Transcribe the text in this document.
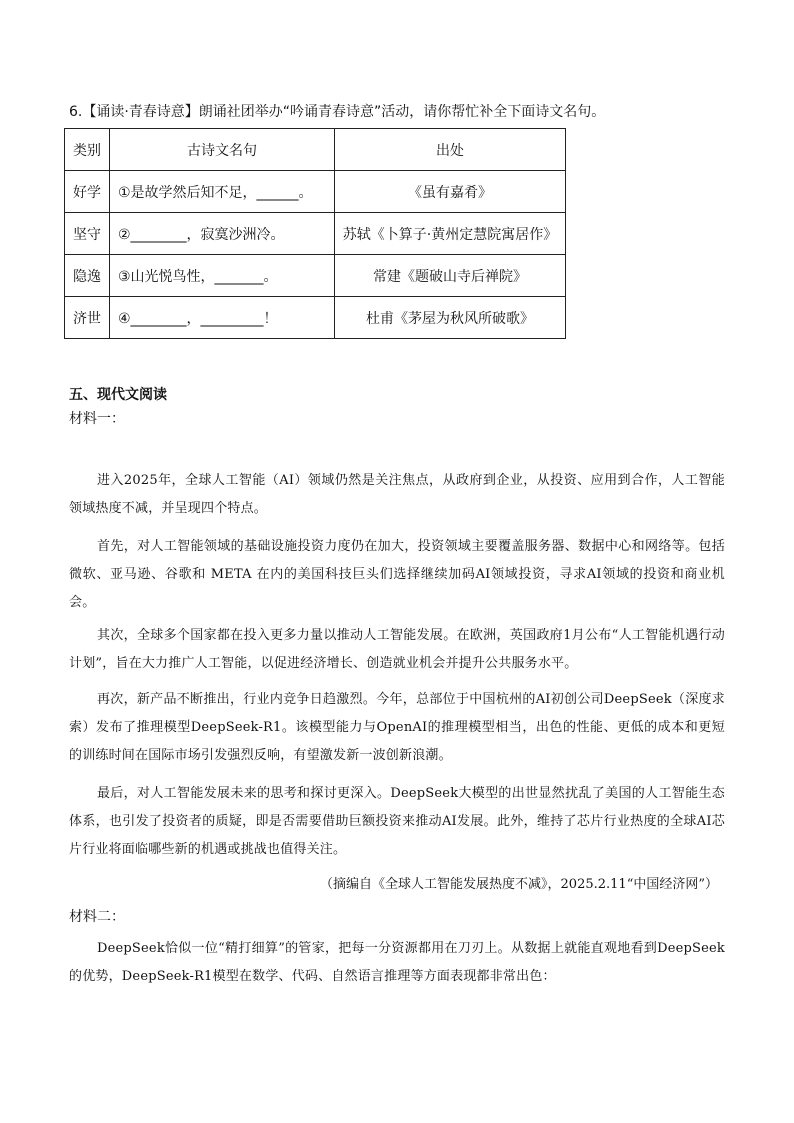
6.【诵读·青春诗意】朗诵社团举办“吟诵青春诗意”活动，请你帮忙补全下面诗文名句。
类别	古诗文名句	出处
好学	①是故学然后知不足，______。	《虽有嘉肴》
坚守	②________，寂寞沙洲冷。	苏轼《卜算子·黄州定慧院寓居作》
隐逸	③山光悦鸟性，_______。	常建《题破山寺后禅院》
济世	④________，_________！	杜甫《茅屋为秋风所破歌》
五、现代文阅读
材料一：

进入2025年，全球人工智能（AI）领域仍然是关注焦点，从政府到企业，从投资、应用到合作，人工智能领域热度不减，并呈现四个特点。

首先，对人工智能领域的基础设施投资力度仍在加大，投资领域主要覆盖服务器、数据中心和网络等。包括微软、亚马逊、谷歌和 META 在内的美国科技巨头们选择继续加码AI领域投资，寻求AI领域的投资和商业机会。

其次，全球多个国家都在投入更多力量以推动人工智能发展。在欧洲，英国政府1月公布“人工智能机遇行动计划”，旨在大力推广人工智能，以促进经济增长、创造就业机会并提升公共服务水平。

再次，新产品不断推出，行业内竞争日趋激烈。今年，总部位于中国杭州的AI初创公司DeepSeek（深度求索）发布了推理模型DeepSeek-R1。该模型能力与OpenAI的推理模型相当，出色的性能、更低的成本和更短的训练时间在国际市场引发强烈反响，有望激发新一波创新浪潮。

最后，对人工智能发展未来的思考和探讨更深入。DeepSeek大模型的出世显然扰乱了美国的人工智能生态体系，也引发了投资者的质疑，即是否需要借助巨额投资来推动AI发展。此外，维持了芯片行业热度的全球AI芯片行业将面临哪些新的机遇或挑战也值得关注。

（摘编自《全球人工智能发展热度不减》，2025.2.11“中国经济网”）
材料二：

DeepSeek恰似一位“精打细算”的管家，把每一分资源都用在刀刃上。从数据上就能直观地看到DeepSeek的优势，DeepSeek-R1模型在数学、代码、自然语言推理等方面表现都非常出色：
